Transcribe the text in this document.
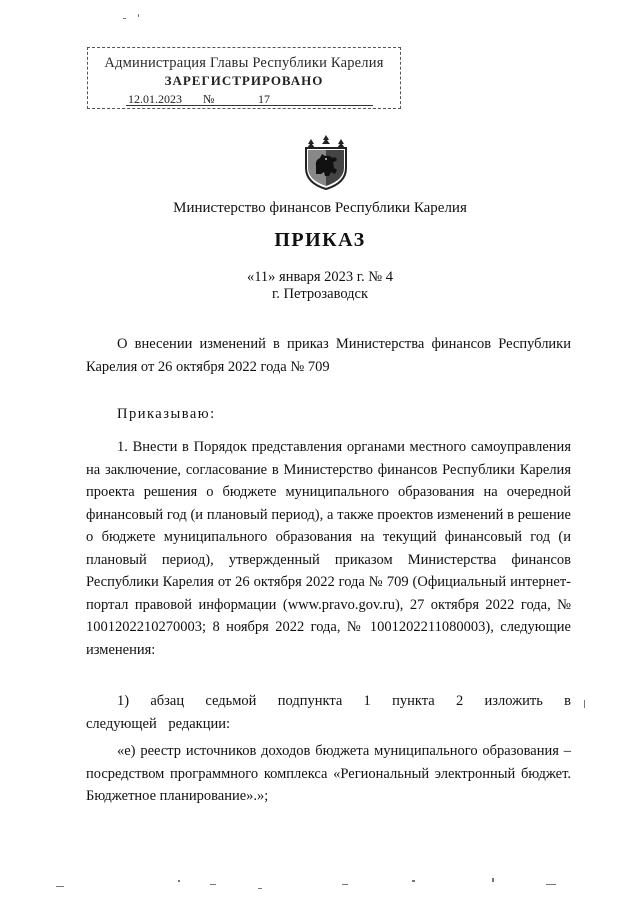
Администрация Главы Республики Карелия
ЗАРЕГИСТРИРОВАНО
12.01.2023 №	17
Министерство финансов Республики Карелия
ПРИКАЗ
«11» января 2023 г. № 4
г. Петрозаводск

О внесении изменений в приказ Министерства финансов Республики Карелия от 26 октября 2022 года № 709

Приказываю:

1. Внести в Порядок представления органами местного самоуправления на заключение, согласование в Министерство финансов Республики Карелия проекта решения о бюджете муниципального образования на очередной финансовый год (и плановый период), а также проектов изменений в решение о бюджете муниципального образования на текущий финансовый год (и плановый период), утвержденный приказом Министерства финансов Республики Карелия от 26 октября 2022 года № 709 (Официальный интернет-портал правовой информации (www.pravo.gov.ru), 27 октября 2022 года, № 1001202210270003; 8 ноября 2022 года, № 1001202211080003), следующие изменения:

1) абзац седьмой подпункта 1 пункта 2 изложить в следующей редакции:

«е) реестр источников доходов бюджета муниципального образования – посредством программного комплекса «Региональный электронный бюджет. Бюджетное планирование».»;
